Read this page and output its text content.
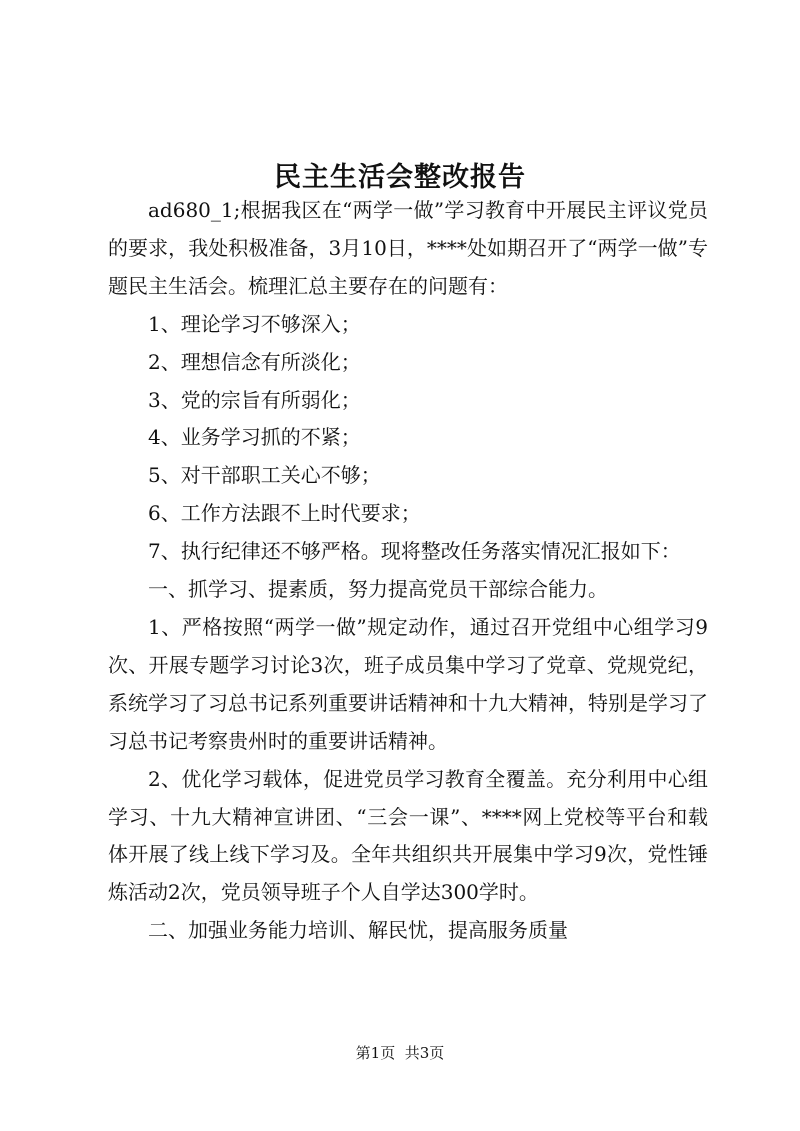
民主生活会整改报告

ad680_1;根据我区在“两学一做”学习教育中开展民主评议党员的要求，我处积极准备，3月10日，****处如期召开了“两学一做”专题民主生活会。梳理汇总主要存在的问题有：

1、理论学习不够深入；

2、理想信念有所淡化；

3、党的宗旨有所弱化；

4、业务学习抓的不紧；

5、对干部职工关心不够；

6、工作方法跟不上时代要求；

7、执行纪律还不够严格。现将整改任务落实情况汇报如下：

一、抓学习、提素质，努力提高党员干部综合能力。

1、严格按照“两学一做”规定动作，通过召开党组中心组学习9次、开展专题学习讨论3次，班子成员集中学习了党章、党规党纪，系统学习了习总书记系列重要讲话精神和十九大精神，特别是学习了习总书记考察贵州时的重要讲话精神。

2、优化学习载体，促进党员学习教育全覆盖。充分利用中心组学习、十九大精神宣讲团、“三会一课”、****网上党校等平台和载体开展了线上线下学习及。全年共组织共开展集中学习9次，党性锤炼活动2次，党员领导班子个人自学达300学时。

二、加强业务能力培训、解民忧，提高服务质量

第1页 共3页
